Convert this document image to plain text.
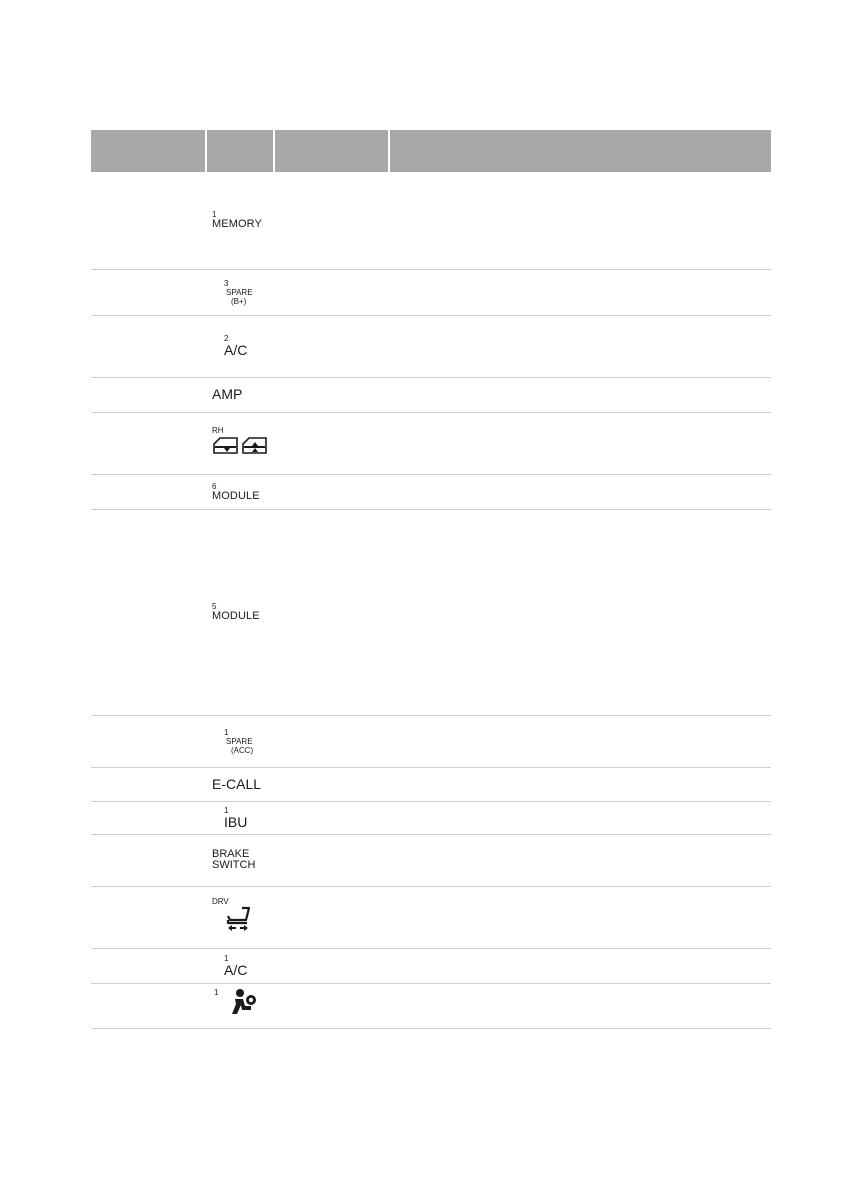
	1
MEMORY		

	3
SPARE
(B+)		

	2
A/C		

	AMP		

	RH		

	6
MODULE		

	5
MODULE		

	1
SPARE
(ACC)		

	E-CALL		

	1
IBU		

	BRAKE
SWITCH		

	DRV		

	1
A/C		

	1		
